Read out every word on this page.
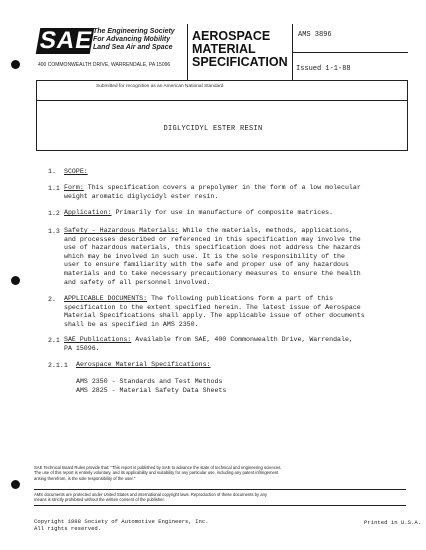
SAE
The Engineering Society
For Advancing Mobility
Land Sea Air and Space
400 COMMONWEALTH DRIVE, WARRENDALE, PA 15096
AEROSPACE
MATERIAL
SPECIFICATION
AMS 3896
Issued 1-1-88
Submitted for recognition as an American National Standard
DIGLYCIDYL ESTER RESIN
1. SCOPE:
1.1 Form: This specification covers a prepolymer in the form of a low molecular
weight aromatic diglycidyl ester resin.
1.2 Application: Primarily for use in manufacture of composite matrices.
1.3 Safety - Hazardous Materials: While the materials, methods, applications,
and processes described or referenced in this specification may involve the
use of hazardous materials, this specification does not address the hazards
which may be involved in such use. It is the sole responsibility of the
user to ensure familiarity with the safe and proper use of any hazardous
materials and to take necessary precautionary measures to ensure the health
and safety of all personnel involved.
2. APPLICABLE DOCUMENTS: The following publications form a part of this
specification to the extent specified herein. The latest issue of Aerospace
Material Specifications shall apply. The applicable issue of other documents
shall be as specified in AMS 2350.
2.1 SAE Publications: Available from SAE, 400 Commonwealth Drive, Warrendale,
PA 15096.
2.1.1 Aerospace Material Specifications:
AMS 2350 - Standards and Test Methods
AMS 2825 - Material Safety Data Sheets
SAE Technical Board Rules provide that: "This report is published by SAE to advance the state of technical and engineering sciences.
The use of this report is entirely voluntary, and its applicability and suitability for any particular use, including any patent infringement
arising therefrom, is the sole responsibility of the user."
AMS documents are protected under United States and international copyright laws. Reproduction of these documents by any
means is strictly prohibited without the written consent of the publisher.
Copyright 1988 Society of Automotive Engineers, Inc.
All rights reserved.
Printed in U.S.A.
